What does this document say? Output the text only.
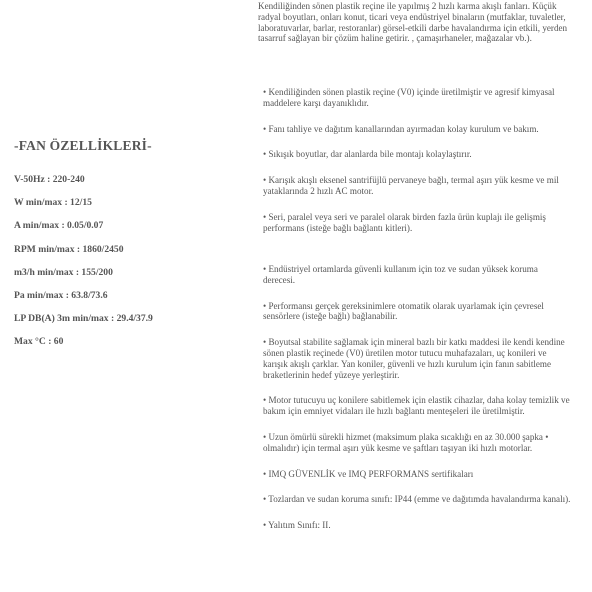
-FAN ÖZELLİKLERİ-
V-50Hz : 220-240
W min/max : 12/15
A min/max : 0.05/0.07
RPM min/max : 1860/2450
m3/h min/max : 155/200
Pa min/max : 63.8/73.6
LP DB(A) 3m min/max : 29.4/37.9
Max °C : 60

Kendiliğinden sönen plastik reçine ile yapılmış 2 hızlı karma akışlı fanları. Küçük radyal boyutları, onları konut, ticari veya endüstriyel binaların (mutfaklar, tuvaletler, laboratuvarlar, barlar, restoranlar) görsel-etkili darbe havalandırma için etkili, yerden tasarruf sağlayan bir çözüm haline getirir. , çamaşırhaneler, mağazalar vb.).

• Kendiliğinden sönen plastik reçine (V0) içinde üretilmiştir ve agresif kimyasal maddelere karşı dayanıklıdır.
• Fanı tahliye ve dağıtım kanallarından ayırmadan kolay kurulum ve bakım.
• Sıkışık boyutlar, dar alanlarda bile montajı kolaylaştırır.
• Karışık akışlı eksenel santrifüjlü pervaneye bağlı, termal aşırı yük kesme ve mil yataklarında 2 hızlı AC motor.
• Seri, paralel veya seri ve paralel olarak birden fazla ürün kuplajı ile gelişmiş performans (isteğe bağlı bağlantı kitleri).
• Endüstriyel ortamlarda güvenli kullanım için toz ve sudan yüksek koruma derecesi.
• Performansı gerçek gereksinimlere otomatik olarak uyarlamak için çevresel sensörlere (isteğe bağlı) bağlanabilir.
• Boyutsal stabilite sağlamak için mineral bazlı bir katkı maddesi ile kendi kendine sönen plastik reçinede (V0) üretilen motor tutucu muhafazaları, uç konileri ve karışık akışlı çarklar. Yan koniler, güvenli ve hızlı kurulum için fanın sabitleme braketlerinin hedef yüzeye yerleştirir.
• Motor tutucuyu uç konilere sabitlemek için elastik cihazlar, daha kolay temizlik ve bakım için emniyet vidaları ile hızlı bağlantı menteşeleri ile üretilmiştir.
• Uzun ömürlü sürekli hizmet (maksimum plaka sıcaklığı en az 30.000 şapka • olmalıdır) için termal aşırı yük kesme ve şaftları taşıyan iki hızlı motorlar.
• IMQ GÜVENLİK ve IMQ PERFORMANS sertifikaları
• Tozlardan ve sudan koruma sınıfı: IP44 (emme ve dağıtımda havalandırma kanalı).
• Yalıtım Sınıfı: II.
